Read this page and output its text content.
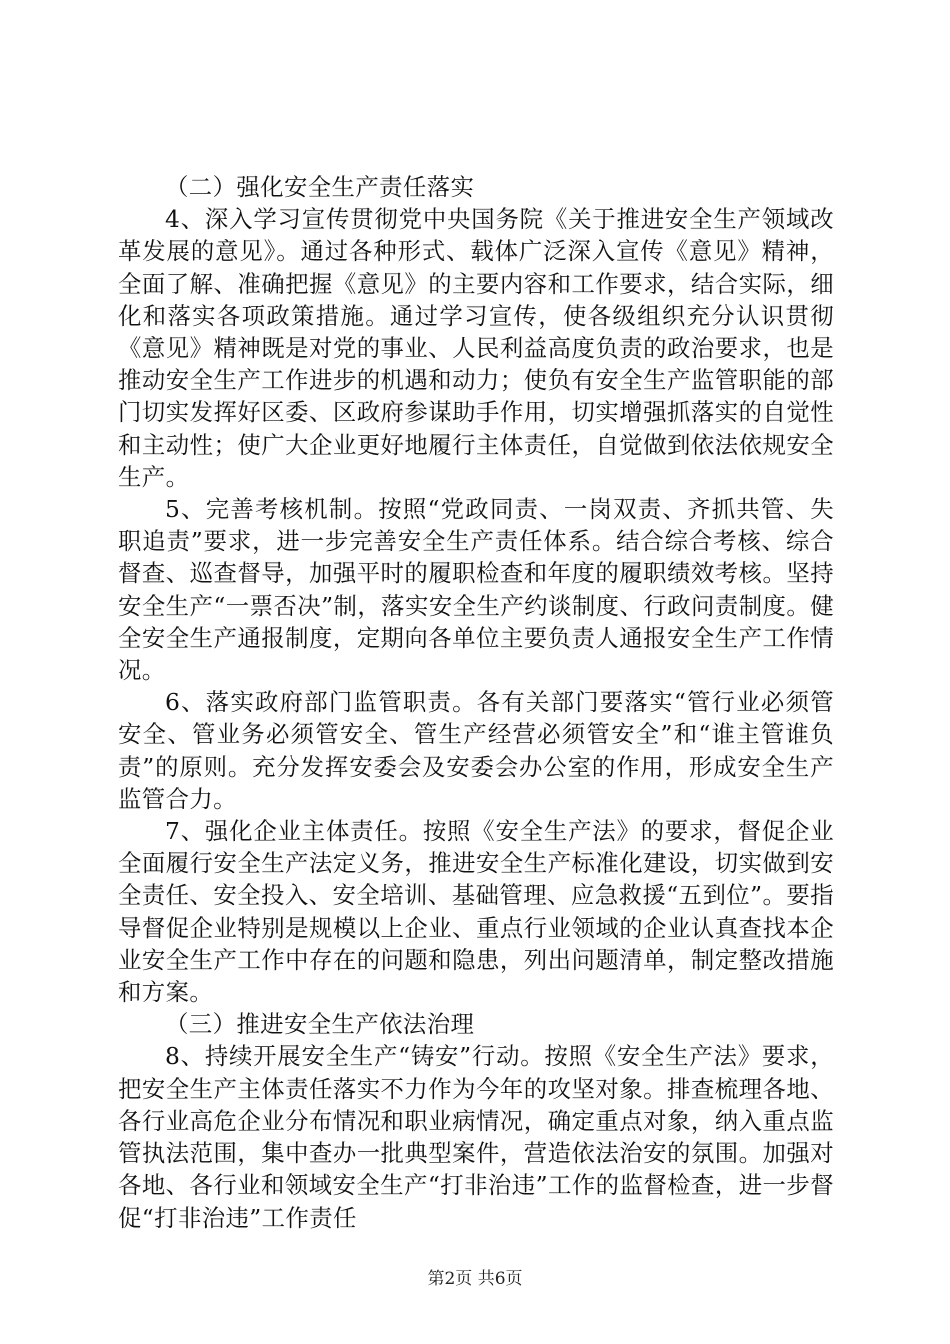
（二）强化安全生产责任落实

4、深入学习宣传贯彻党中央国务院《关于推进安全生产领域改革发展的意见》。通过各种形式、载体广泛深入宣传《意见》精神，全面了解、准确把握《意见》的主要内容和工作要求，结合实际，细化和落实各项政策措施。通过学习宣传，使各级组织充分认识贯彻《意见》精神既是对党的事业、人民利益高度负责的政治要求，也是推动安全生产工作进步的机遇和动力；使负有安全生产监管职能的部门切实发挥好区委、区政府参谋助手作用，切实增强抓落实的自觉性和主动性；使广大企业更好地履行主体责任，自觉做到依法依规安全生产。

5、完善考核机制。按照“党政同责、一岗双责、齐抓共管、失职追责”要求，进一步完善安全生产责任体系。结合综合考核、综合督查、巡查督导，加强平时的履职检查和年度的履职绩效考核。坚持安全生产“一票否决”制，落实安全生产约谈制度、行政问责制度。健全安全生产通报制度，定期向各单位主要负责人通报安全生产工作情况。

6、落实政府部门监管职责。各有关部门要落实“管行业必须管安全、管业务必须管安全、管生产经营必须管安全”和“谁主管谁负责”的原则。充分发挥安委会及安委会办公室的作用，形成安全生产监管合力。

7、强化企业主体责任。按照《安全生产法》的要求，督促企业全面履行安全生产法定义务，推进安全生产标准化建设，切实做到安全责任、安全投入、安全培训、基础管理、应急救援“五到位”。要指导督促企业特别是规模以上企业、重点行业领域的企业认真查找本企业安全生产工作中存在的问题和隐患，列出问题清单，制定整改措施和方案。

（三）推进安全生产依法治理

8、持续开展安全生产“铸安”行动。按照《安全生产法》要求，把安全生产主体责任落实不力作为今年的攻坚对象。排查梳理各地、各行业高危企业分布情况和职业病情况，确定重点对象，纳入重点监管执法范围，集中查办一批典型案件，营造依法治安的氛围。加强对各地、各行业和领域安全生产“打非治违”工作的监督检查，进一步督促“打非治违”工作责任

第2页 共6页
